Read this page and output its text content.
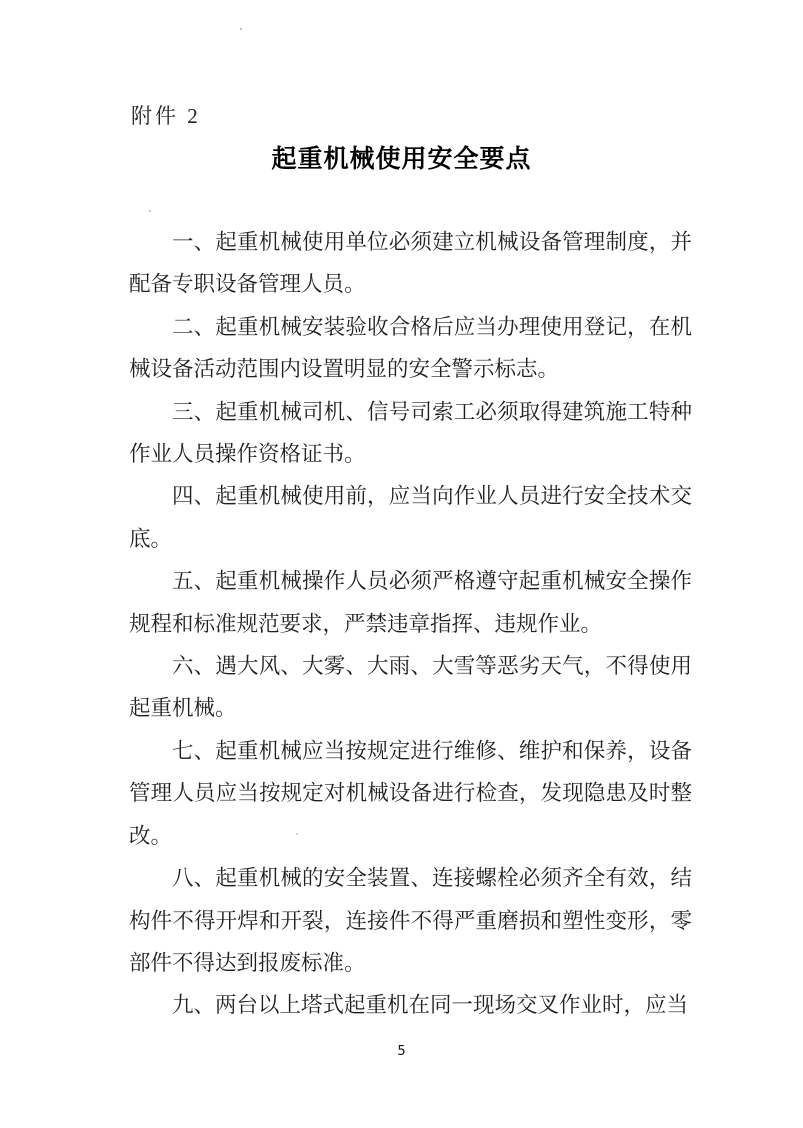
附件 2
起重机械使用安全要点

一、起重机械使用单位必须建立机械设备管理制度，并配备专职设备管理人员。

二、起重机械安装验收合格后应当办理使用登记，在机械设备活动范围内设置明显的安全警示标志。

三、起重机械司机、信号司索工必须取得建筑施工特种作业人员操作资格证书。

四、起重机械使用前，应当向作业人员进行安全技术交底。

五、起重机械操作人员必须严格遵守起重机械安全操作规程和标准规范要求，严禁违章指挥、违规作业。

六、遇大风、大雾、大雨、大雪等恶劣天气，不得使用起重机械。

七、起重机械应当按规定进行维修、维护和保养，设备管理人员应当按规定对机械设备进行检查，发现隐患及时整改。

八、起重机械的安全装置、连接螺栓必须齐全有效，结构件不得开焊和开裂，连接件不得严重磨损和塑性变形，零部件不得达到报废标准。

九、两台以上塔式起重机在同一现场交叉作业时，应当

5
